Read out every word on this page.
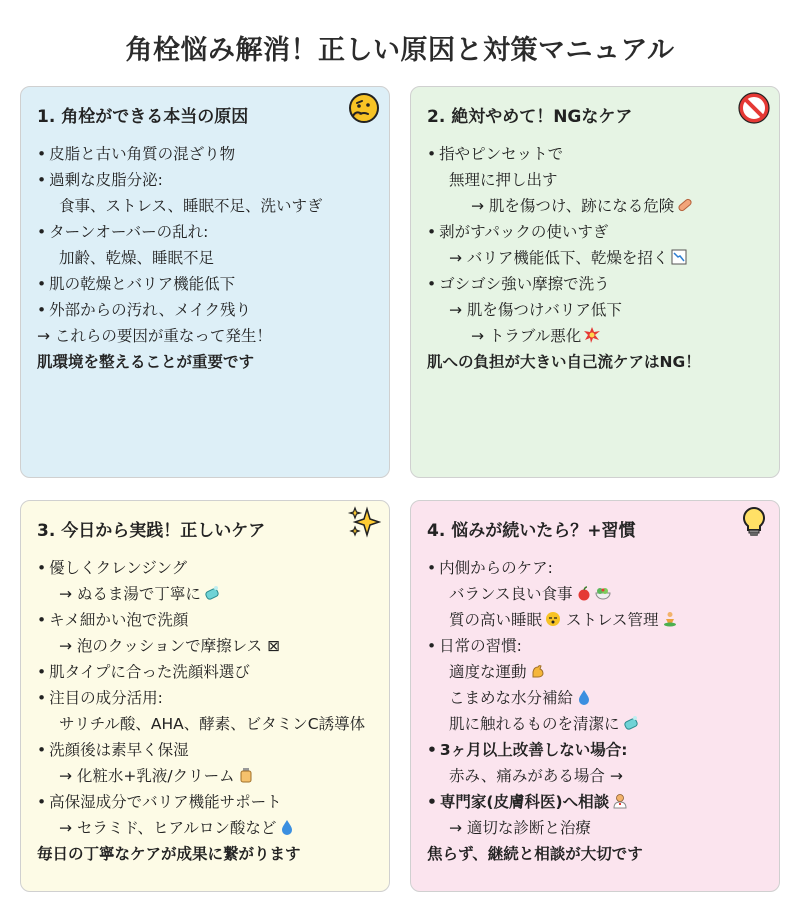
角栓悩み解消！正しい原因と対策マニュアル
1. 角栓ができる本当の原因
• 皮脂と古い角質の混ざり物
• 過剰な皮脂分泌:
食事、ストレス、睡眠不足、洗いすぎ
• ターンオーバーの乱れ:
加齢、乾燥、睡眠不足
• 肌の乾燥とバリア機能低下
• 外部からの汚れ、メイク残り
→ これらの要因が重なって発生！
肌環境を整えることが重要です
2. 絶対やめて！NGなケア
• 指やピンセットで
無理に押し出す
→ 肌を傷つけ、跡になる危険
• 剥がすパックの使いすぎ
→ バリア機能低下、乾燥を招く
• ゴシゴシ強い摩擦で洗う
→ 肌を傷つけバリア低下
→ トラブル悪化
肌への負担が大きい自己流ケアはNG！
3. 今日から実践！正しいケア
• 優しくクレンジング
→ ぬるま湯で丁寧に
• キメ細かい泡で洗顔
→ 泡のクッションで摩擦レス ⊠
• 肌タイプに合った洗顔料選び
• 注目の成分活用:
サリチル酸、AHA、酵素、ビタミンC誘導体
• 洗顔後は素早く保湿
→ 化粧水+乳液/クリーム
• 高保湿成分でバリア機能サポート
→ セラミド、ヒアルロン酸など
毎日の丁寧なケアが成果に繋がります
4. 悩みが続いたら？+習慣
• 内側からのケア:
バランス良い食事
質の高い睡眠 ストレス管理
• 日常の習慣:
適度な運動
こまめな水分補給
肌に触れるものを清潔に
• 3ヶ月以上改善しない場合:
赤み、痛みがある場合 →
• 専門家(皮膚科医)へ相談
→ 適切な診断と治療
焦らず、継続と相談が大切です
